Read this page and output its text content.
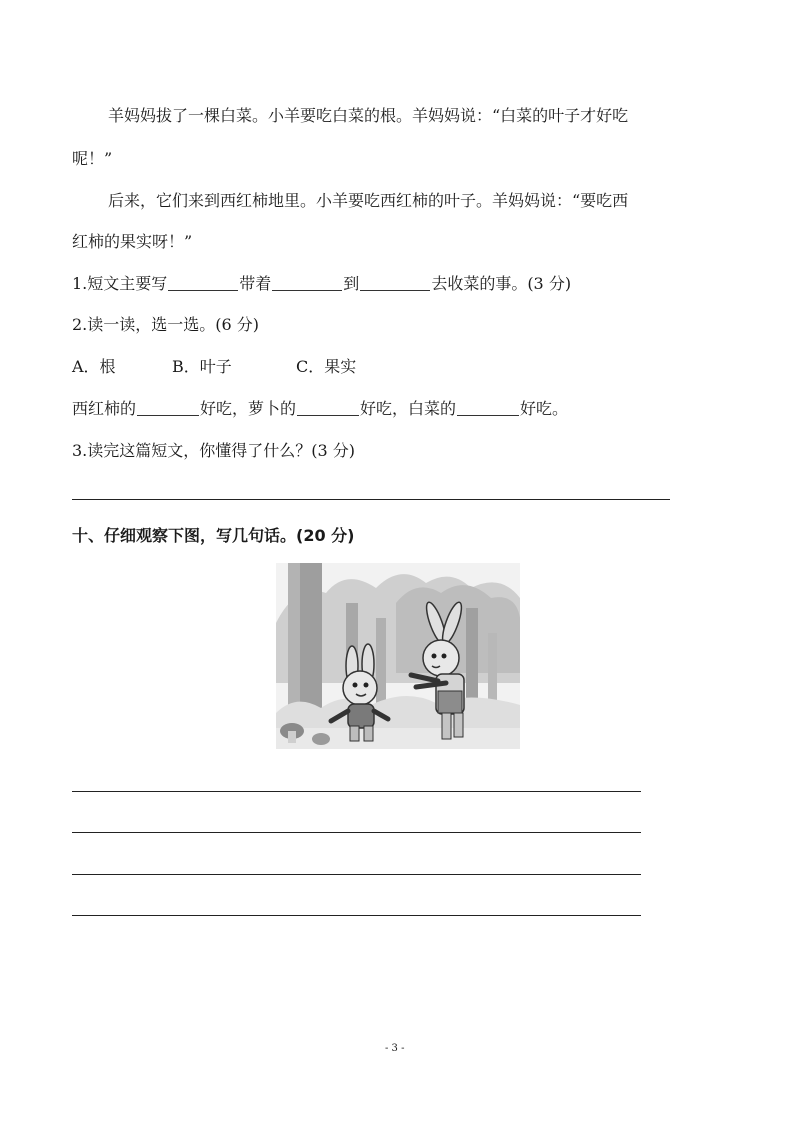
羊妈妈拔了一棵白菜。小羊要吃白菜的根。羊妈妈说：“白菜的叶子才好吃
呢！”
后来，它们来到西红柿地里。小羊要吃西红柿的叶子。羊妈妈说：“要吃西
红柿的果实呀！”
1.短文主要写	带着	到	去收菜的事。(3 分)
2.读一读，选一选。(6 分)
A．根	B．叶子	C．果实
西红柿的	好吃，萝卜的	好吃，白菜的	好吃。
3.读完这篇短文，你懂得了什么？(3 分)
十、仔细观察下图，写几句话。(20 分)
- 3 -
